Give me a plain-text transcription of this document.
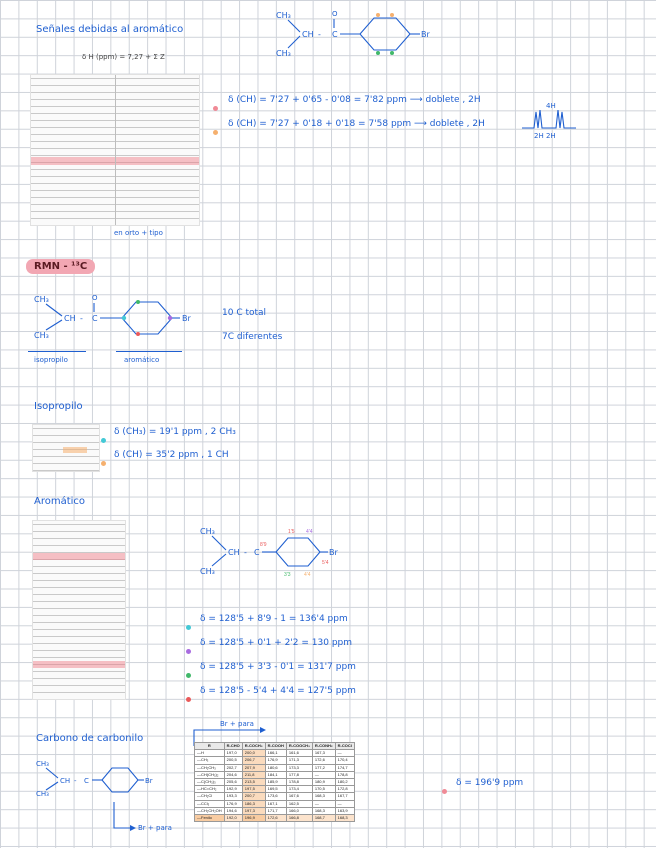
Señales debidas al aromático
δ H (ppm) = 7,27 + Σ Z
en orto + tipo
δ (CH) = 7'27 + 0'65 - 0'08 = 7'82 ppm ⟶ doblete , 2H
δ (CH) = 7'27 + 0'18 + 0'18 = 7'58 ppm ⟶ doblete , 2H
4H
2H 2H
CH₃
CH₃
CH - C
O
Br
RMN - ¹³C
CH₃
CH₃
CH - C
O
Br
isopropilo	aromático
10 C total
7C diferentes
Isopropilo
δ (CH₃) = 19'1 ppm , 2 CH₃
δ (CH) = 35'2 ppm , 1 CH
Aromático
CH₃
CH₃
CH - C	Br
1'5 4'4
8'9
5'4
3'3	4'4
δ = 128'5 + 8'9 - 1 = 136'4 ppm
δ = 128'5 + 0'1 + 2'2 = 130 ppm
δ = 128'5 + 3'3 - 0'1 = 131'7 ppm
δ = 128'5 - 5'4 + 4'4 = 127'5 ppm
Carbono de carbonilo
CH₃
CH₃
CH - C	Br
Br + para
Br + para
R	R-CHO	R-COCH₃	R-COOH	R-COOCH₃	R-CONH₂	R-COCl
—H	197,0	200,0	166,1	161,6	167,3	—
—CH₃	200,5	206,7	176,9	171,3	172,6	170,4
—CH₂CH₃	202,7	207,9	180,6	173,3	177,2	174,7
—CH(CH₃)₂	204,6	211,8	184,1	177,8	—	178,8
—C(CH₃)₃	205,6	213,5	185,9	178,8	180,9	180,2
—HC=CH₂	192,9	197,5	169,5	173,4	170,5	172,8
—CH₂Cl	193,3	200,7	173,6	167,6	168,3	167,7
—CCl₃	176,9	186,3	167,1	162,5	—	—
—CH₂CH₂OH	194,6	197,3	171,7	166,0	168,3	163,9
—Fenilo	192,0	196,9	172,6	166,8	168,7	168,3
δ = 196'9 ppm
